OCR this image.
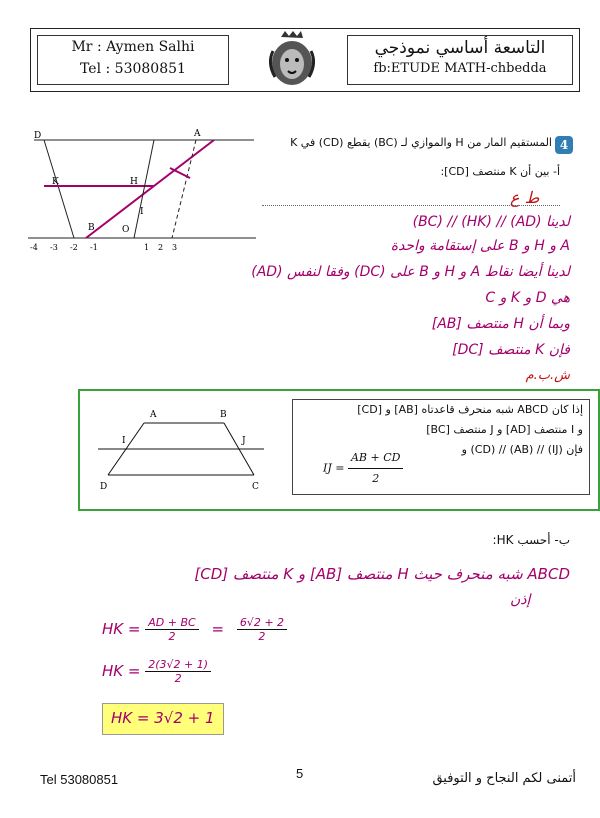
Mr : Aymen Salhi
Tel : 53080851
التاسعة أساسي نموذجي
fb:ETUDE MATH-chbedda
4
المستقيم المار من H والموازي لـ (BC) يقطع (CD) في K
أ- بين أن K منتصف [CD]:
D	A
K	H
B	O
I
-4 -3 -2 -1	1 2 3
ط ع
لدينا (AD) // (HK) // (BC)
A و H و B على إستقامة واحدة
لدينا أيضا نقاط A و H و B على (DC) وفقا لنفس (AD)
هي D و K و C
وبما أن H منتصف [AB]
فإن K منتصف [DC]
ش.ب.م
A	B
I	J
D	C
إذا كان ABCD شبه منحرف قاعدتاه [AB] و [CD]
و I منتصف [AD] و J منتصف [BC]
فإن (IJ) // (AB) // (CD) و
IJ = $\frac{AB + CD}{2}$
ب- أحسب HK:
ABCD شبه منحرف حيث H منتصف [AB] و K منتصف [CD]
إذن
HK = $\frac{AD + BC}{2} = \frac{6√2 + 2}{2}$
HK = $\frac{2(3√2 + 1)}{2}$
HK = 3√2 + 1
Tel 53080851	5	أتمنى لكم النجاح و التوفيق
